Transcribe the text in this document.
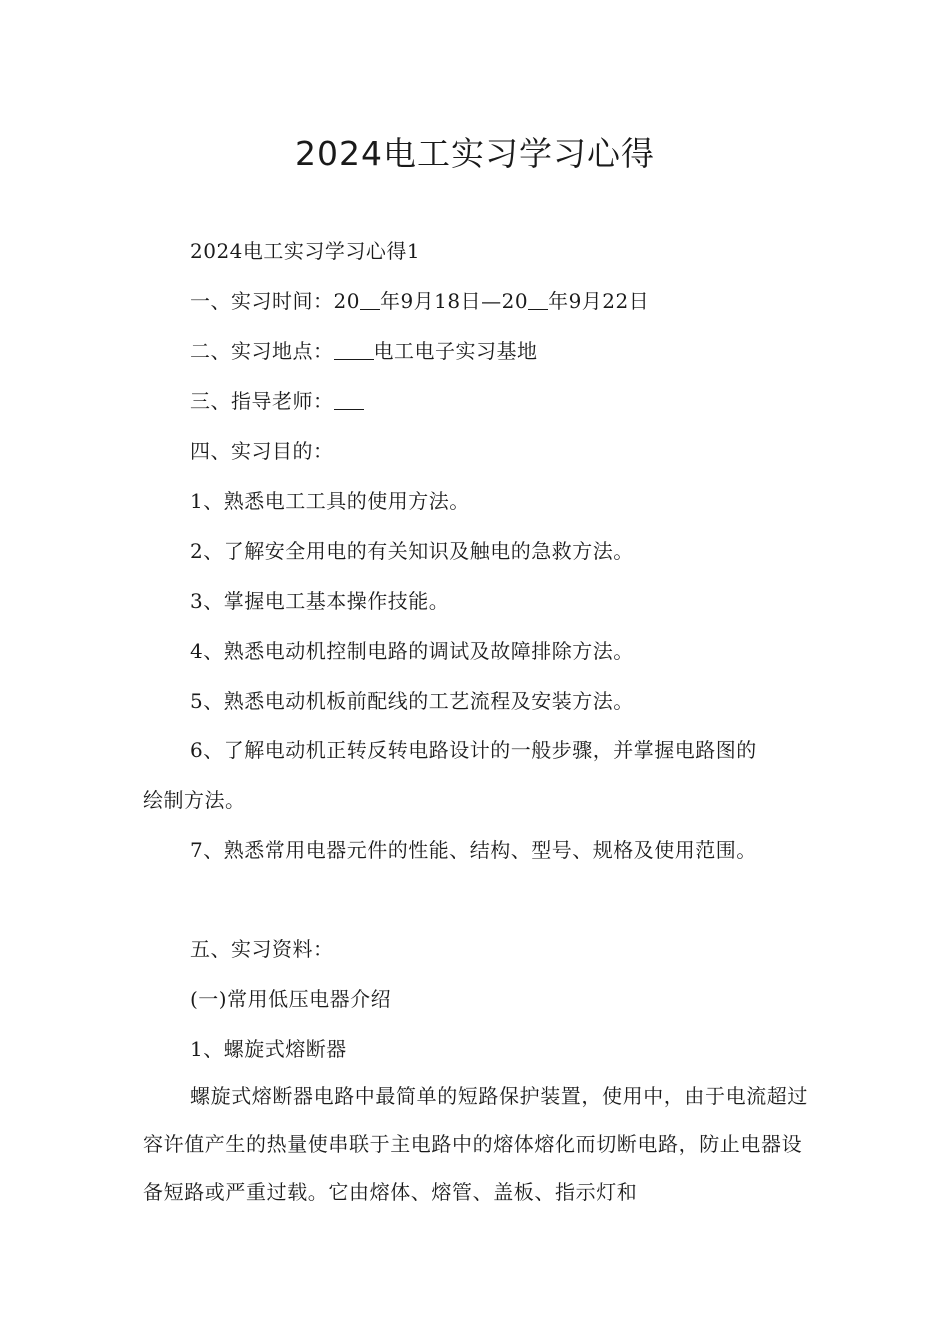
2024电工实习学习心得
2024电工实习学习心得1
一、实习时间：20 年9月18日—20 年9月22日
二、实习地点： 电工电子实习基地
三、指导老师：
四、实习目的：
1、熟悉电工工具的使用方法。
2、了解安全用电的有关知识及触电的急救方法。
3、掌握电工基本操作技能。
4、熟悉电动机控制电路的调试及故障排除方法。
5、熟悉电动机板前配线的工艺流程及安装方法。
6、了解电动机正转反转电路设计的一般步骤，并掌握电路图的
绘制方法。
7、熟悉常用电器元件的性能、结构、型号、规格及使用范围。
五、实习资料：
(一)常用低压电器介绍
1、螺旋式熔断器
螺旋式熔断器电路中最简单的短路保护装置，使用中，由于电流超过容许值产生的热量使串联于主电路中的熔体熔化而切断电路，防止电器设备短路或严重过载。它由熔体、熔管、盖板、指示灯和
